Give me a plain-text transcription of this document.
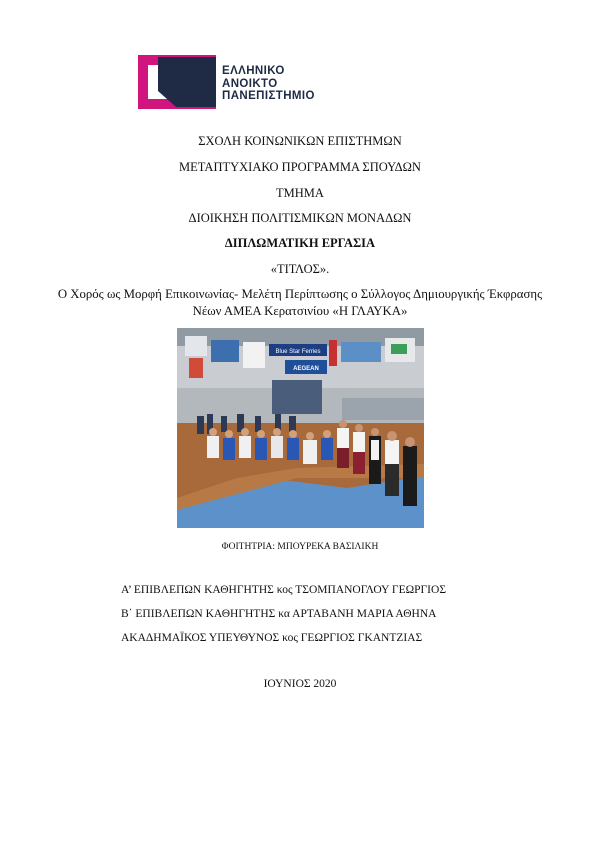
ΕΛΛΗΝΙΚΟ
ΑΝΟΙΚΤΟ
ΠΑΝΕΠΙΣΤΗΜΙΟ
ΣΧΟΛΗ ΚΟΙΝΩΝΙΚΩΝ ΕΠΙΣΤΗΜΩΝ
ΜΕΤΑΠΤΥΧΙΑΚΟ ΠΡΟΓΡΑΜΜΑ ΣΠΟΥΔΩΝ
ΤΜΗΜΑ
ΔΙΟΙΚΗΣΗ ΠΟΛΙΤΙΣΜΙΚΩΝ ΜΟΝΑΔΩΝ
ΔΙΠΛΩΜΑΤΙΚΗ ΕΡΓΑΣΙΑ
«ΤΙΤΛΟΣ».
Ο Χορός ως Μορφή Επικοινωνίας- Μελέτη Περίπτωσης ο Σύλλογος Δημιουργικής Έκφρασης
Νέων ΑΜΕΑ Κερατσινίου «Η ΓΛΑΥΚΑ»
Blue Star Ferries
AEGEAN
ΦΟΙΤΗΤΡΙΑ: ΜΠΟΥΡΕΚΑ ΒΑΣΙΛΙΚΗ
Α’ ΕΠΙΒΛΕΠΩΝ ΚΑΘΗΓΗΤΗΣ κος ΤΣΟΜΠΑΝΟΓΛΟΥ ΓΕΩΡΓΙΟΣ
Β΄ ΕΠΙΒΛΕΠΩΝ ΚΑΘΗΓΗΤΗΣ κα ΑΡΤΑΒΑΝΗ ΜΑΡΙΑ ΑΘΗΝΑ
ΑΚΑΔΗΜΑΪΚΟΣ ΥΠΕΥΘΥΝΟΣ κος ΓΕΩΡΓΙΟΣ ΓΚΑΝΤΖΙΑΣ
ΙΟΥΝΙΟΣ 2020
